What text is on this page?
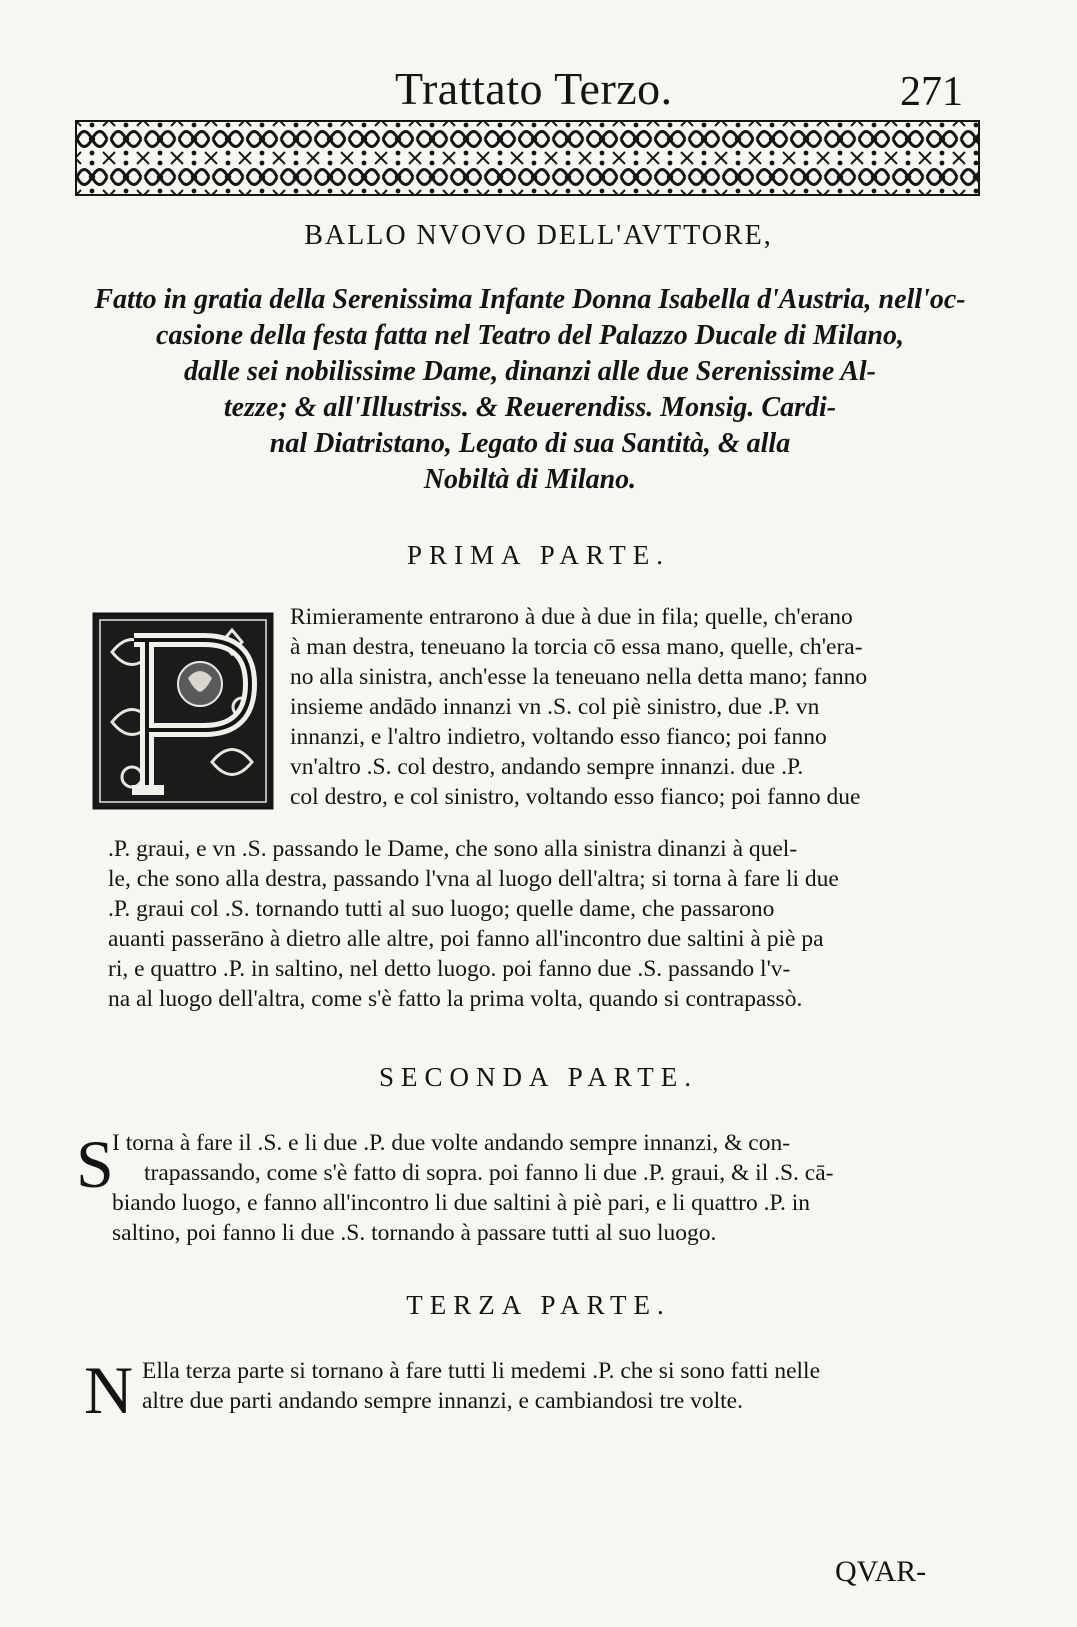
Trattato Terzo.	271
BALLO NVOVO DELL'AVTTORE,
Fatto in gratia della Serenissima Infante Donna Isabella d'Austria, nell'oc-
casione della festa fatta nel Teatro del Palazzo Ducale di Milano,
dalle sei nobilissime Dame, dinanzi alle due Serenissime Al-
tezze; & all'Illustriss. & Reuerendiss. Monsig. Cardi-
nal Diatristano, Legato di sua Santità, & alla
Nobiltà di Milano.
PRIMA PARTE.
Rimieramente entrarono à due à due in fila; quelle, ch'erano
à man destra, teneuano la torcia cō essa mano, quelle, ch'era-
no alla sinistra, anch'esse la teneuano nella detta mano; fanno
insieme andādo innanzi vn .S. col piè sinistro, due .P. vn
innanzi, e l'altro indietro, voltando esso fianco; poi fanno
vn'altro .S. col destro, andando sempre innanzi. due .P.
col destro, e col sinistro, voltando esso fianco; poi fanno due
.P. graui, e vn .S. passando le Dame, che sono alla sinistra dinanzi à quel-
le, che sono alla destra, passando l'vna al luogo dell'altra; si torna à fare li due
.P. graui col .S. tornando tutti al suo luogo; quelle dame, che passarono
auanti passerāno à dietro alle altre, poi fanno all'incontro due saltini à piè pa
ri, e quattro .P. in saltino, nel detto luogo. poi fanno due .S. passando l'v-
na al luogo dell'altra, come s'è fatto la prima volta, quando si contrapassò.
SECONDA PARTE.
S
I torna à fare il .S. e li due .P. due volte andando sempre innanzi, & con-
trapassando, come s'è fatto di sopra. poi fanno li due .P. graui, & il .S. cā-
biando luogo, e fanno all'incontro li due saltini à piè pari, e li quattro .P. in
saltino, poi fanno li due .S. tornando à passare tutti al suo luogo.
TERZA PARTE.
N Ella terza parte si tornano à fare tutti li medemi .P. che si sono fatti nelle
altre due parti andando sempre innanzi, e cambiandosi tre volte.
QVAR-
